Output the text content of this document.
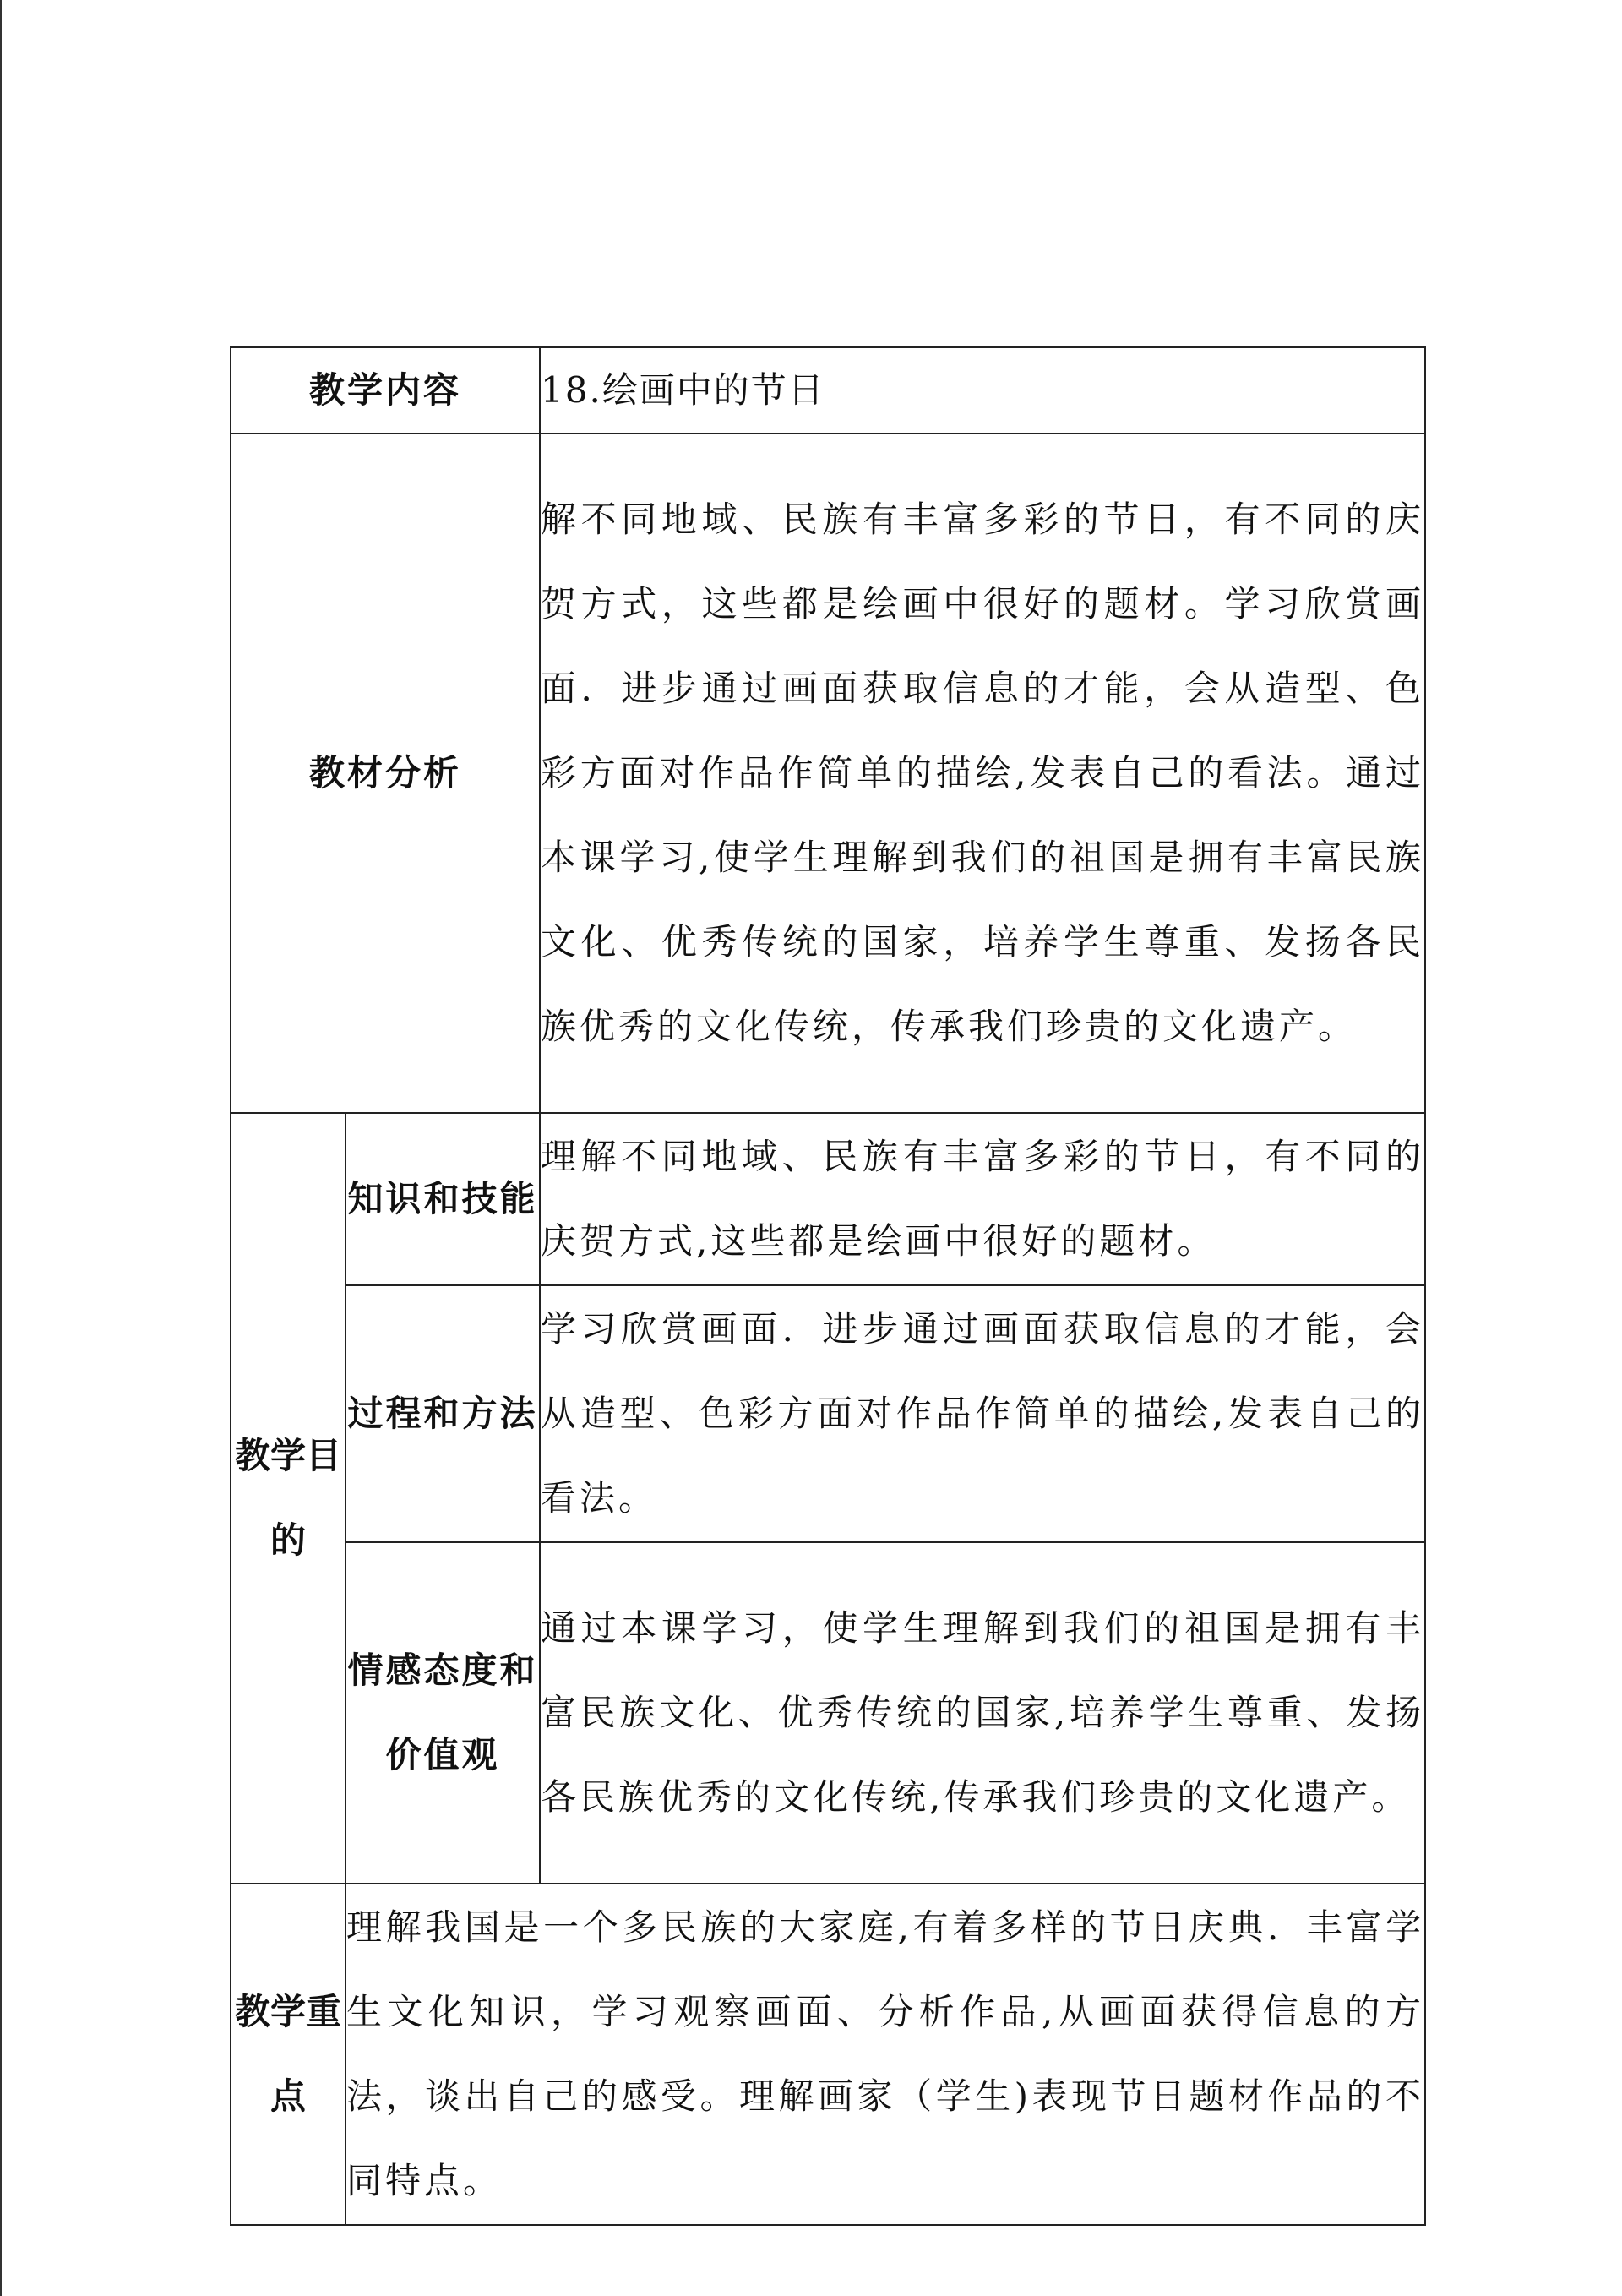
教学内容		18.绘画中的节日
教材分析		解不同地域、民族有丰富多彩的节日，有不同的庆贺方式，这些都是绘画中很好的题材。学习欣赏画面．进步通过画面获取信息的才能，会从造型、色彩方面对作品作简单的描绘,发表自己的看法。通过本课学习,使学生理解到我们的祖国是拥有丰富民族文化、优秀传统的国家，培养学生尊重、发扬各民族优秀的文化传统，传承我们珍贵的文化遗产。
教学目的	知识和技能	理解不同地域、民族有丰富多彩的节日，有不同的庆贺方式,这些都是绘画中很好的题材。
	过程和方法	学习欣赏画面．进步通过画面获取信息的才能，会从造型、色彩方面对作品作简单的描绘,发表自己的看法。
	情感态度和价值观	通过本课学习，使学生理解到我们的祖国是拥有丰富民族文化、优秀传统的国家,培养学生尊重、发扬各民族优秀的文化传统,传承我们珍贵的文化遗产。
教学重点	理解我国是一个多民族的大家庭,有着多样的节日庆典．丰富学生文化知识，学习观察画面、分析作品,从画面获得信息的方法，谈出自己的感受。理解画家（学生)表现节日题材作品的不同特点。	
